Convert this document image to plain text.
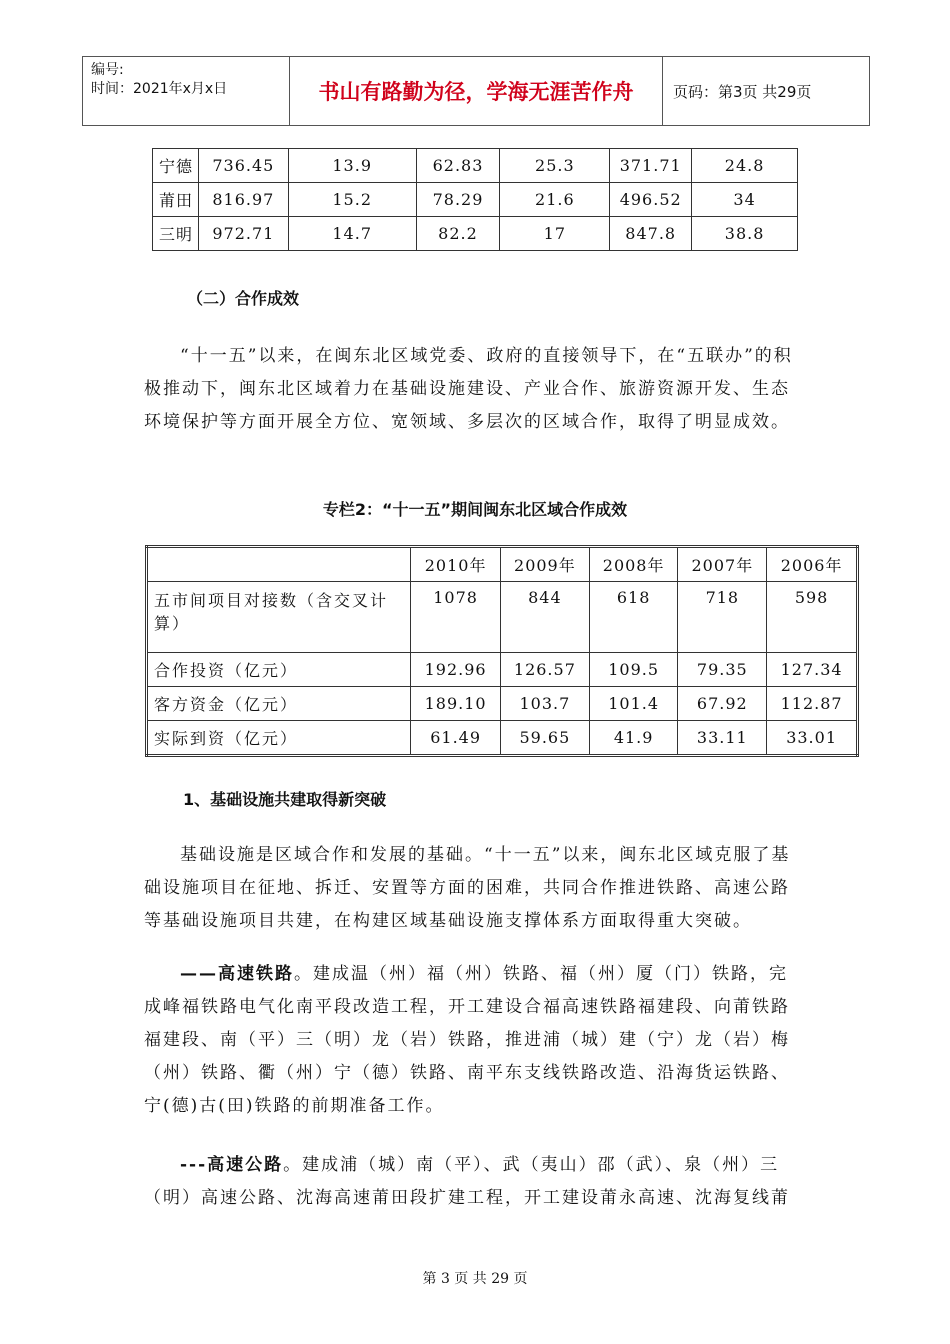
编号:
时间：2021年x月x日	书山有路勤为径，学海无涯苦作舟	页码：第3页 共29页
宁德	736.45	13.9	62.83	25.3	371.71	24.8
莆田	816.97	15.2	78.29	21.6	496.52	34
三明	972.71	14.7	82.2	17	847.8	38.8
（二）合作成效

“十一五”以来，在闽东北区域党委、政府的直接领导下，在“五联办”的积极推动下，闽东北区域着力在基础设施建设、产业合作、旅游资源开发、生态环境保护等方面开展全方位、宽领域、多层次的区域合作，取得了明显成效。

专栏2：“十一五”期间闽东北区域合作成效
	2010年	2009年	2008年	2007年	2006年
五市间项目对接数（含交叉计算）	1078	844	618	718	598
合作投资（亿元）	192.96	126.57	109.5	79.35	127.34
客方资金（亿元）	189.10	103.7	101.4	67.92	112.87
实际到资（亿元）	61.49	59.65	41.9	33.11	33.01
1、基础设施共建取得新突破

基础设施是区域合作和发展的基础。“十一五”以来，闽东北区域克服了基础设施项目在征地、拆迁、安置等方面的困难，共同合作推进铁路、高速公路等基础设施项目共建，在构建区域基础设施支撑体系方面取得重大突破。

——高速铁路。建成温（州）福（州）铁路、福（州）厦（门）铁路，完成峰福铁路电气化南平段改造工程，开工建设合福高速铁路福建段、向莆铁路福建段、南（平）三（明）龙（岩）铁路，推进浦（城）建（宁）龙（岩）梅（州）铁路、衢（州）宁（德）铁路、南平东支线铁路改造、沿海货运铁路、宁(德)古(田)铁路的前期准备工作。

---高速公路。建成浦（城）南（平）、武（夷山）邵（武）、泉（州）三（明）高速公路、沈海高速莆田段扩建工程，开工建设莆永高速、沈海复线莆

第 3 页 共 29 页
